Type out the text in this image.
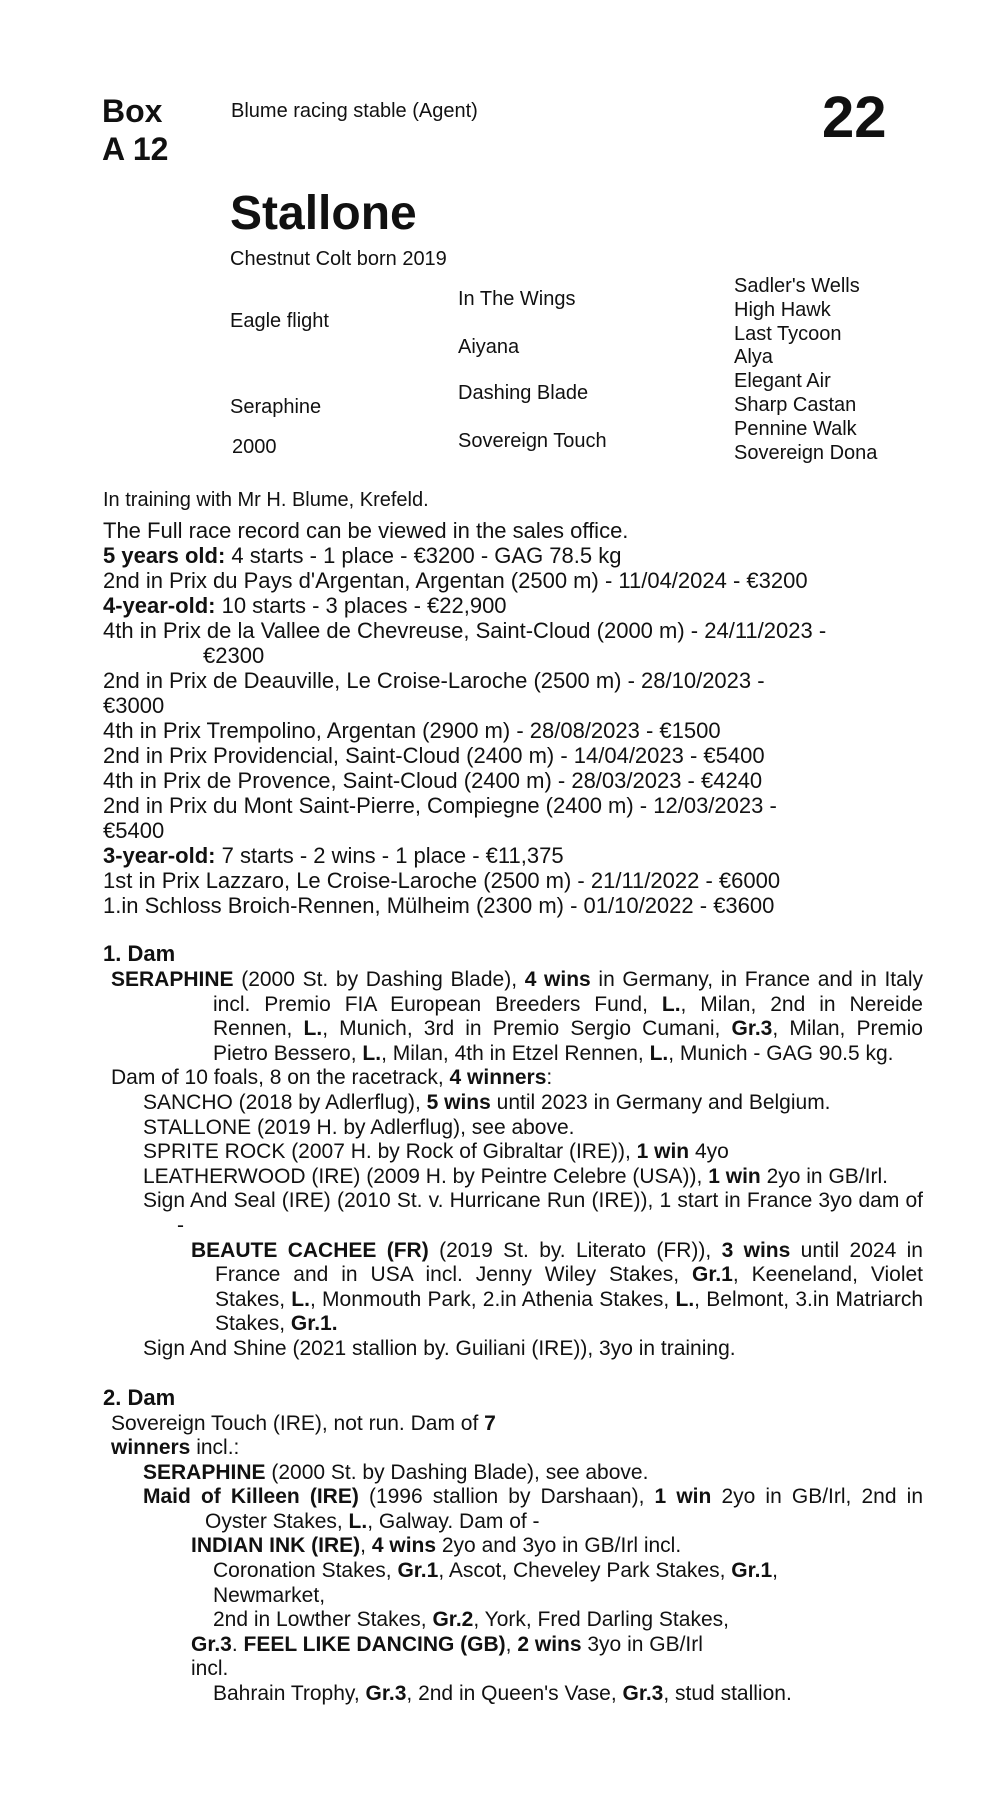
Box
A 12
Blume racing stable (Agent)	22
Stallone
Chestnut Colt born 2019
Eagle flight
Seraphine
2000
In The Wings
Aiyana
Dashing Blade
Sovereign Touch
Sadler's Wells
High Hawk
Last Tycoon
Alya
Elegant Air
Sharp Castan
Pennine Walk
Sovereign Dona
In training with Mr H. Blume, Krefeld.

The Full race record can be viewed in the sales office.

5 years old: 4 starts - 1 place - €3200 - GAG 78.5 kg

2nd in Prix du Pays d'Argentan, Argentan (2500 m) - 11/04/2024 - €3200

4-year-old: 10 starts - 3 places - €22,900

4th in Prix de la Vallee de Chevreuse, Saint-Cloud (2000 m) - 24/11/2023 -

€2300

2nd in Prix de Deauville, Le Croise-Laroche (2500 m) - 28/10/2023 -

€3000

4th in Prix Trempolino, Argentan (2900 m) - 28/08/2023 - €1500

2nd in Prix Providencial, Saint-Cloud (2400 m) - 14/04/2023 - €5400

4th in Prix de Provence, Saint-Cloud (2400 m) - 28/03/2023 - €4240

2nd in Prix du Mont Saint-Pierre, Compiegne (2400 m) - 12/03/2023 -

€5400

3-year-old: 7 starts - 2 wins - 1 place - €11,375

1st in Prix Lazzaro, Le Croise-Laroche (2500 m) - 21/11/2022 - €6000

1.in Schloss Broich-Rennen, Mülheim (2300 m) - 01/10/2022 - €3600

1. Dam

SERAPHINE (2000 St. by Dashing Blade), 4 wins in Germany, in France and in Italy incl. Premio FIA European Breeders Fund, L., Milan, 2nd in Nereide Rennen, L., Munich, 3rd in Premio Sergio Cumani, Gr.3, Milan, Premio Pietro Bessero, L., Milan, 4th in Etzel Rennen, L., Munich - GAG 90.5 kg.

Dam of 10 foals, 8 on the racetrack, 4 winners:

SANCHO (2018 by Adlerflug), 5 wins until 2023 in Germany and Belgium.

STALLONE (2019 H. by Adlerflug), see above.

SPRITE ROCK (2007 H. by Rock of Gibraltar (IRE)), 1 win 4yo

LEATHERWOOD (IRE) (2009 H. by Peintre Celebre (USA)), 1 win 2yo in GB/Irl.

Sign And Seal (IRE) (2010 St. v. Hurricane Run (IRE)), 1 start in France 3yo dam of -

BEAUTE CACHEE (FR) (2019 St. by. Literato (FR)), 3 wins until 2024 in France and in USA incl. Jenny Wiley Stakes, Gr.1, Keeneland, Violet Stakes, L., Monmouth Park, 2.in Athenia Stakes, L., Belmont, 3.in Matriarch Stakes, Gr.1.

Sign And Shine (2021 stallion by. Guiliani (IRE)), 3yo in training.

2. Dam

Sovereign Touch (IRE), not run. Dam of 7
winners incl.:

SERAPHINE (2000 St. by Dashing Blade), see above.

Maid of Killeen (IRE) (1996 stallion by Darshaan), 1 win 2yo in GB/Irl, 2nd in Oyster Stakes, L., Galway. Dam of -

INDIAN INK (IRE), 4 wins 2yo and 3yo in GB/Irl incl.

Coronation Stakes, Gr.1, Ascot, Cheveley Park Stakes, Gr.1,

Newmarket,

2nd in Lowther Stakes, Gr.2, York, Fred Darling Stakes,

Gr.3. FEEL LIKE DANCING (GB), 2 wins 3yo in GB/Irl

incl.

Bahrain Trophy, Gr.3, 2nd in Queen's Vase, Gr.3, stud stallion.
